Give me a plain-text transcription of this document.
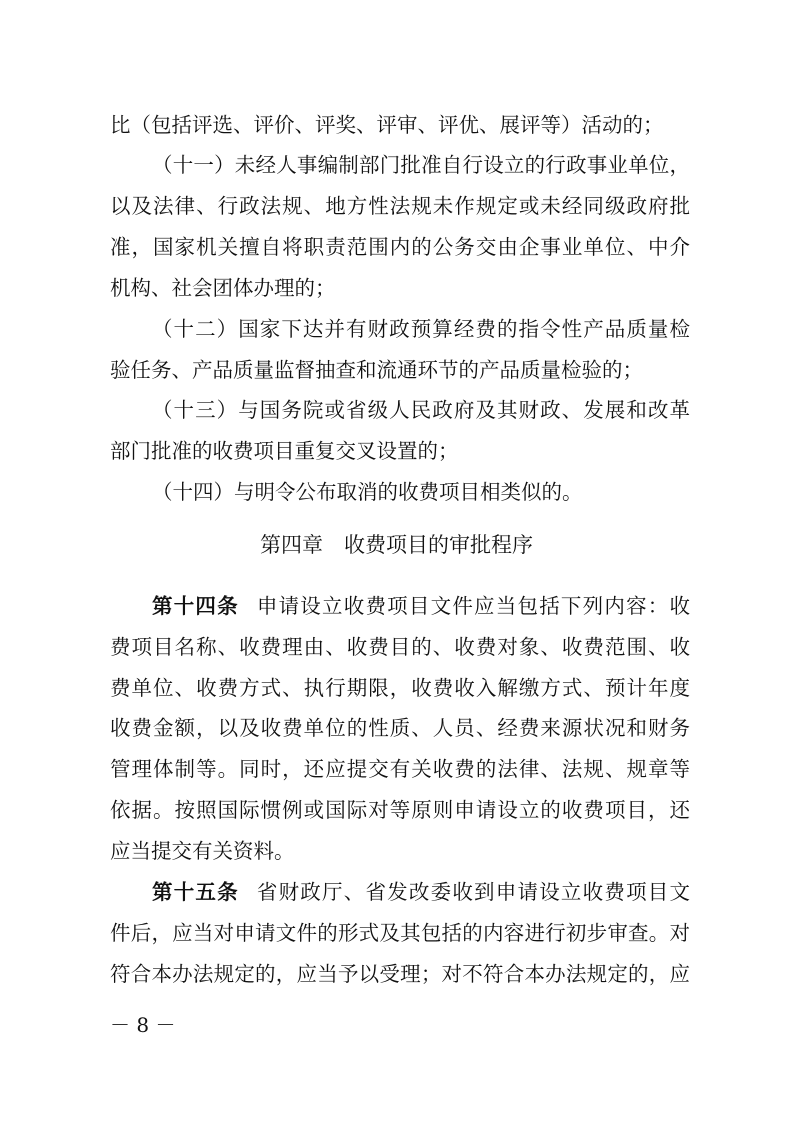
比（包括评选、评价、评奖、评审、评优、展评等）活动的；
（十一）未经人事编制部门批准自行设立的行政事业单位，
以及法律、行政法规、地方性法规未作规定或未经同级政府批
准，国家机关擅自将职责范围内的公务交由企事业单位、中介
机构、社会团体办理的；
（十二）国家下达并有财政预算经费的指令性产品质量检
验任务、产品质量监督抽查和流通环节的产品质量检验的；
（十三）与国务院或省级人民政府及其财政、发展和改革
部门批准的收费项目重复交叉设置的；
（十四）与明令公布取消的收费项目相类似的。
第四章　收费项目的审批程序
第十四条 申请设立收费项目文件应当包括下列内容：收
费项目名称、收费理由、收费目的、收费对象、收费范围、收
费单位、收费方式、执行期限，收费收入解缴方式、预计年度
收费金额，以及收费单位的性质、人员、经费来源状况和财务
管理体制等。同时，还应提交有关收费的法律、法规、规章等
依据。按照国际惯例或国际对等原则申请设立的收费项目，还
应当提交有关资料。
第十五条 省财政厅、省发改委收到申请设立收费项目文
件后，应当对申请文件的形式及其包括的内容进行初步审查。对
符合本办法规定的，应当予以受理；对不符合本办法规定的，应
－ 8 －
